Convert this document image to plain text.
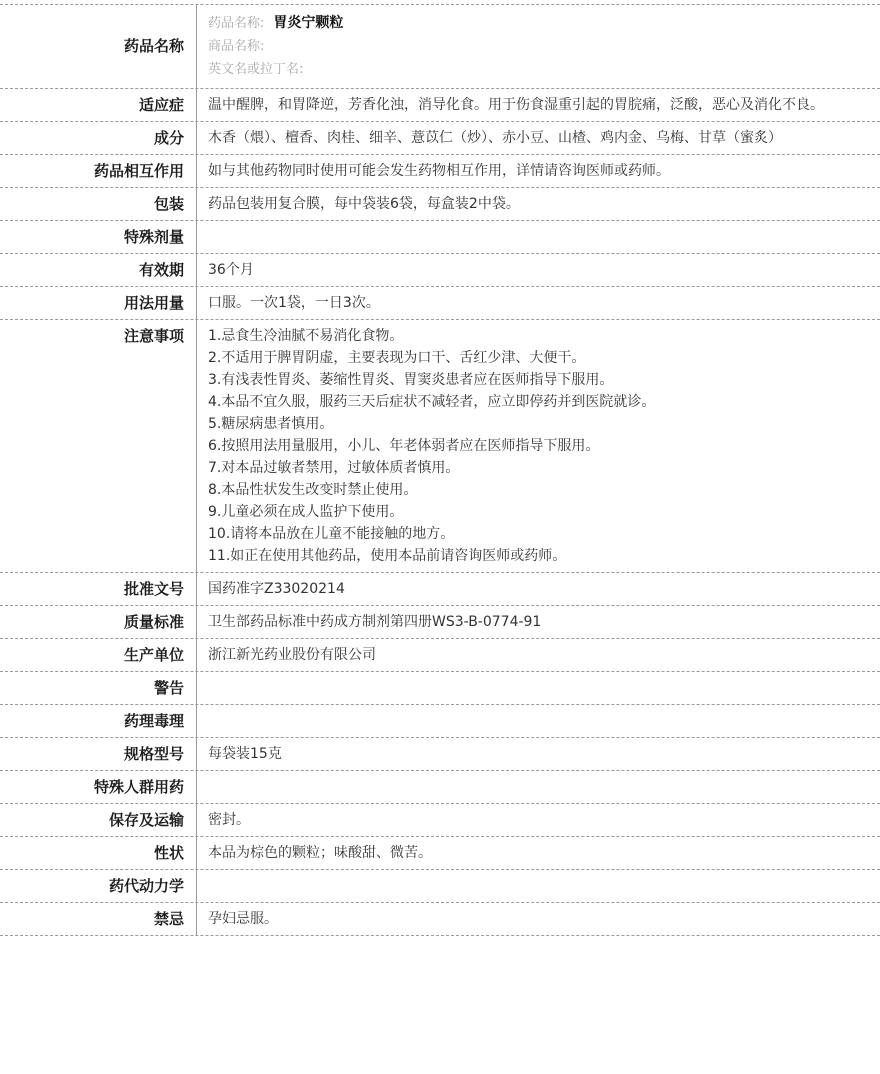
药品名称
药品名称: 胃炎宁颗粒
商品名称:
英文名或拉丁名:
适应症	温中醒脾，和胃降逆，芳香化浊，消导化食。用于伤食湿重引起的胃脘痛，泛酸，恶心及消化不良。
成分	木香（煨）、檀香、肉桂、细辛、薏苡仁（炒）、赤小豆、山楂、鸡内金、乌梅、甘草（蜜炙）
药品相互作用	如与其他药物同时使用可能会发生药物相互作用，详情请咨询医师或药师。
包装	药品包装用复合膜，每中袋装6袋，每盒装2中袋。
特殊剂量
有效期	36个月
用法用量	口服。一次1袋，一日3次。
注意事项	1.忌食生冷油腻不易消化食物。
2.不适用于脾胃阴虚，主要表现为口干、舌红少津、大便干。
3.有浅表性胃炎、萎缩性胃炎、胃窦炎患者应在医师指导下服用。
4.本品不宜久服，服药三天后症状不减轻者，应立即停药并到医院就诊。
5.糖尿病患者慎用。
6.按照用法用量服用，小儿、年老体弱者应在医师指导下服用。
7.对本品过敏者禁用，过敏体质者慎用。
8.本品性状发生改变时禁止使用。
9.儿童必须在成人监护下使用。
10.请将本品放在儿童不能接触的地方。
11.如正在使用其他药品，使用本品前请咨询医师或药师。
批准文号	国药准字Z33020214
质量标准	卫生部药品标准中药成方制剂第四册WS3-B-0774-91
生产单位	浙江新光药业股份有限公司
警告
药理毒理
规格型号	每袋装15克
特殊人群用药
保存及运输	密封。
性状	本品为棕色的颗粒；味酸甜、微苦。
药代动力学
禁忌	孕妇忌服。
